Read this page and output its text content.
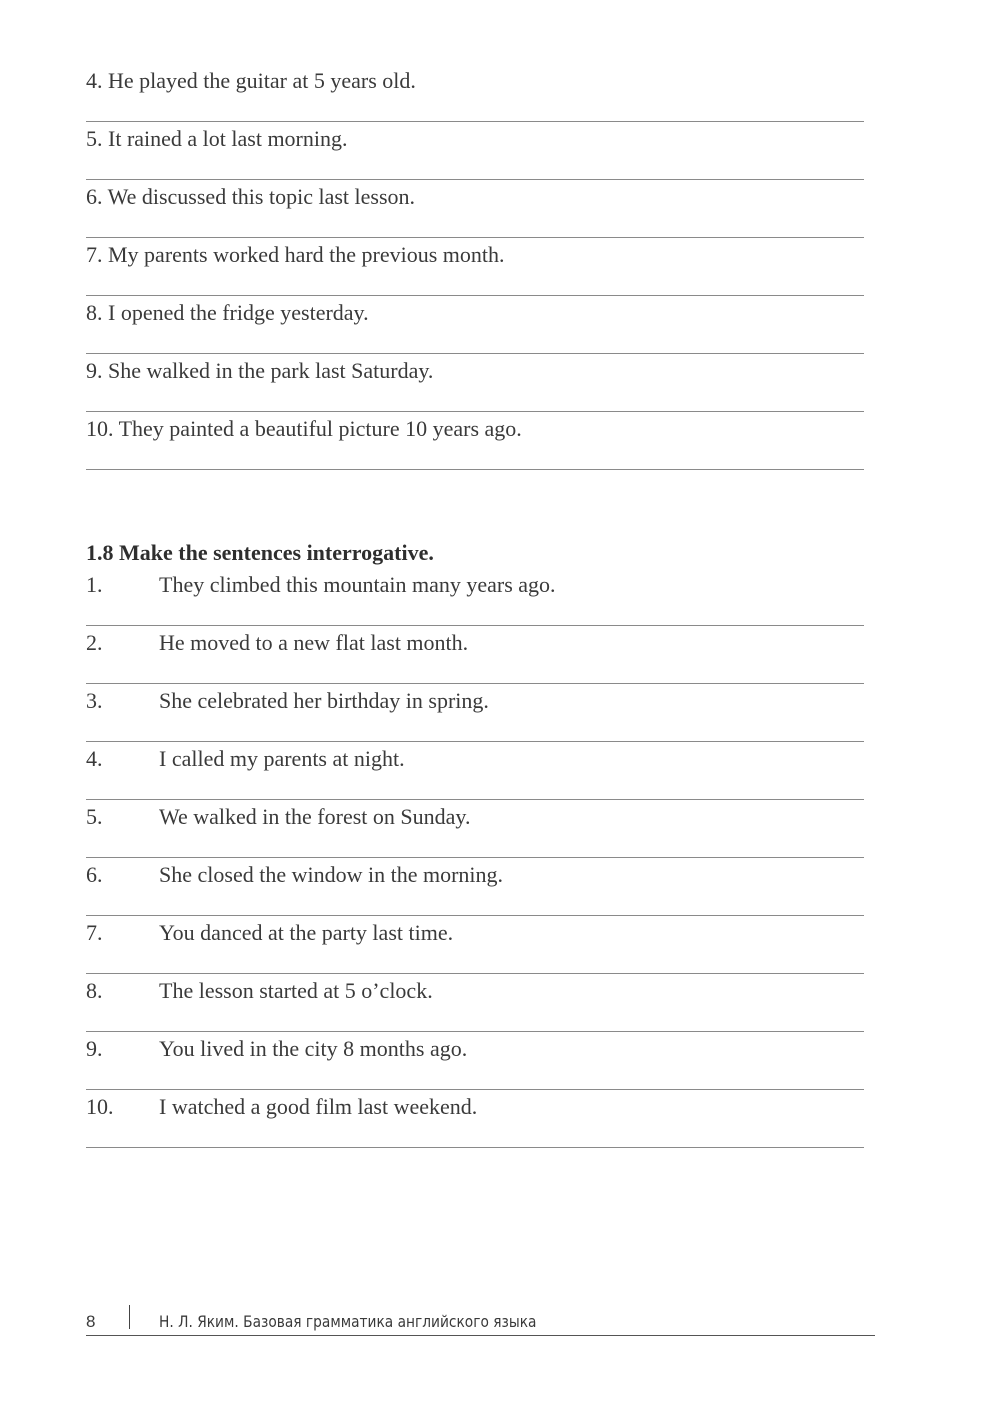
4. He played the guitar at 5 years old.
5. It rained a lot last morning.
6. We discussed this topic last lesson.
7. My parents worked hard the previous month.
8. I opened the fridge yesterday.
9. She walked in the park last Saturday.
10. They painted a beautiful picture 10 years ago.
1.8 Make the sentences interrogative.
1.	They climbed this mountain many years ago.
2.	He moved to a new flat last month.
3.	She celebrated her birthday in spring.
4.	I called my parents at night.
5.	We walked in the forest on Sunday.
6.	She closed the window in the morning.
7.	You danced at the party last time.
8.	The lesson started at 5 o’clock.
9.	You lived in the city 8 months ago.
10. I watched a good film last weekend.
8	Н. Л. Яким. Базовая грамматика английского языка
